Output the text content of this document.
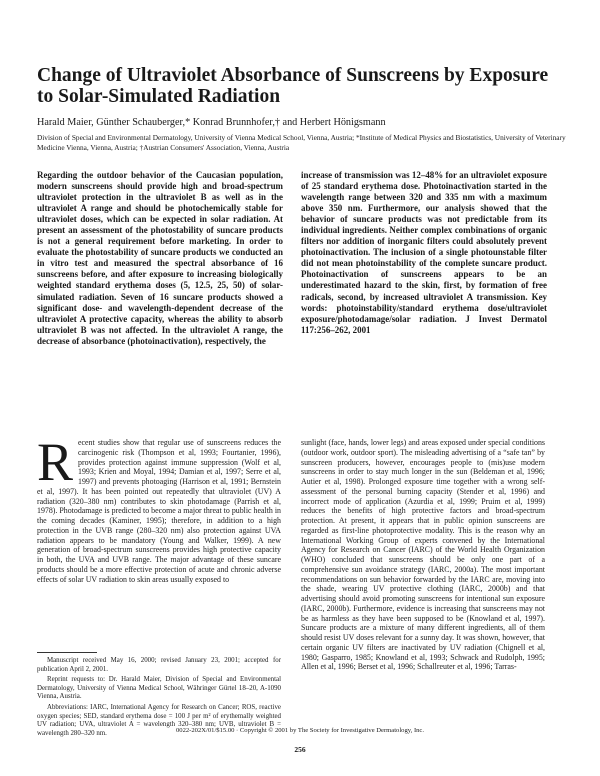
Change of Ultraviolet Absorbance of Sunscreens by Exposure to Solar-Simulated Radiation
Harald Maier, Günther Schauberger,* Konrad Brunnhofer,† and Herbert Hönigsmann
Division of Special and Environmental Dermatology, University of Vienna Medical School, Vienna, Austria; *Institute of Medical Physics and Biostatistics, University of Veterinary Medicine Vienna, Vienna, Austria; †Austrian Consumers' Association, Vienna, Austria

Regarding the outdoor behavior of the Caucasian population, modern sunscreens should provide high and broad-spectrum ultraviolet protection in the ultraviolet B as well as in the ultraviolet A range and should be photochemically stable for ultraviolet doses, which can be expected in solar radiation. At present an assessment of the photostability of suncare products is not a general requirement before marketing. In order to evaluate the photostability of suncare products we conducted an in vitro test and measured the spectral absorbance of 16 sunscreens before, and after exposure to increasing biologically weighted standard erythema doses (5, 12.5, 25, 50) of solar-simulated radiation. Seven of 16 suncare products showed a significant dose- and wavelength-dependent decrease of the ultraviolet A protective capacity, whereas the ability to absorb ultraviolet B was not affected. In the ultraviolet A range, the decrease of absorbance (photoinactivation), respectively, the

increase of transmission was 12–48% for an ultraviolet exposure of 25 standard erythema dose. Photoinactivation started in the wavelength range between 320 and 335 nm with a maximum above 350 nm. Furthermore, our analysis showed that the behavior of suncare products was not predictable from its individual ingredients. Neither complex combinations of organic filters nor addition of inorganic filters could absolutely prevent photoinactivation. The inclusion of a single photounstable filter did not mean photoinstability of the complete suncare product. Photoinactivation of sunscreens appears to be an underestimated hazard to the skin, first, by formation of free radicals, second, by increased ultraviolet A transmission. Key words: photoinstability/standard erythema dose/ultraviolet exposure/photodamage/solar radiation. J Invest Dermatol 117:256–262, 2001

Recent studies show that regular use of sunscreens reduces the carcinogenic risk (Thompson et al, 1993; Fourtanier, 1996), provides protection against immune suppression (Wolf et al, 1993; Krien and Moyal, 1994; Damian et al, 1997; Serre et al, 1997) and prevents photoaging (Harrison et al, 1991; Bernstein et al, 1997). It has been pointed out repeatedly that ultraviolet (UV) A radiation (320–380 nm) contributes to skin photodamage (Parrish et al, 1978). Photodamage is predicted to become a major threat to public health in the coming decades (Kaminer, 1995); therefore, in addition to a high protection in the UVB range (280–320 nm) also protection against UVA radiation appears to be mandatory (Young and Walker, 1999). A new generation of broad-spectrum sunscreens provides high protective capacity in both, the UVA and UVB range. The major advantage of these suncare products should be a more effective protection of acute and chronic adverse effects of solar UV radiation to skin areas usually exposed to

sunlight (face, hands, lower legs) and areas exposed under special conditions (outdoor work, outdoor sport). The misleading advertising of a “safe tan” by sunscreen producers, however, encourages people to (mis)use modern sunscreens in order to stay much longer in the sun (Beldeman et al, 1996; Autier et al, 1998). Prolonged exposure time together with a wrong self-assessment of the personal burning capacity (Stender et al, 1996) and incorrect mode of application (Azurdia et al, 1999; Pruim et al, 1999) reduces the benefits of high protective factors and broad-spectrum protection. At present, it appears that in public opinion sunscreens are regarded as first-line photoprotective modality. This is the reason why an International Working Group of experts convened by the International Agency for Research on Cancer (IARC) of the World Health Organization (WHO) concluded that sunscreens should be only one part of a comprehensive sun avoidance strategy (IARC, 2000a). The most important recommendations on sun behavior forwarded by the IARC are, moving into the shade, wearing UV protective clothing (IARC, 2000b) and that advertising should avoid promoting sunscreens for intentional sun exposure (IARC, 2000b). Furthermore, evidence is increasing that sunscreens may not be as harmless as they have been supposed to be (Knowland et al, 1997). Suncare products are a mixture of many different ingredients, all of them should resist UV doses relevant for a sunny day. It was shown, however, that certain organic UV filters are inactivated by UV radiation (Chignell et al, 1980; Gasparro, 1985; Knowland et al, 1993; Schwack and Rudolph, 1995; Allen et al, 1996; Berset et al, 1996; Schallreuter et al, 1996; Tarras-

Manuscript received May 16, 2000; revised January 23, 2001; accepted for publication April 2, 2001.

Reprint requests to: Dr. Harald Maier, Division of Special and Environmental Dermatology, University of Vienna Medical School, Währinger Gürtel 18–20, A-1090 Vienna, Austria.

Abbreviations: IARC, International Agency for Research on Cancer; ROS, reactive oxygen species; SED, standard erythema dose = 100 J per m² of erythemally weighted UV radiation; UVA, ultraviolet A = wavelength 320–380 nm; UVB, ultraviolet B = wavelength 280–320 nm.	0022-202X/01/$15.00 · Copyright © 2001 by The Society for Investigative Dermatology, Inc.
256
